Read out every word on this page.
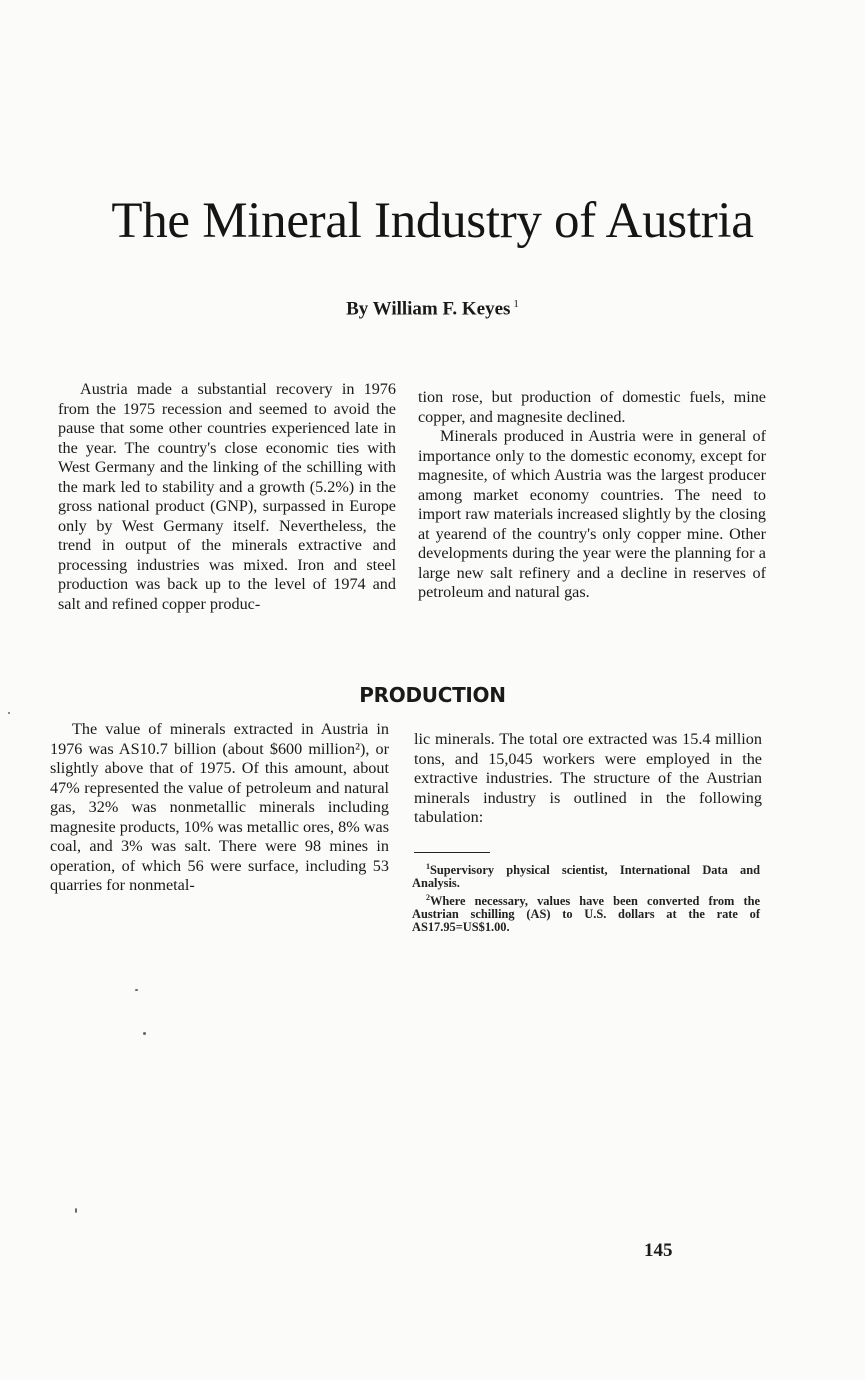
The Mineral Industry of Austria
By William F. Keyes $^1$

Austria made a substantial recovery in 1976 from the 1975 recession and seemed to avoid the pause that some other countries experienced late in the year. The country's close economic ties with West Germany and the linking of the schilling with the mark led to stability and a growth (5.2%) in the gross national product (GNP), surpassed in Europe only by West Germany itself. Nevertheless, the trend in output of the minerals extractive and processing industries was mixed. Iron and steel production was back up to the level of 1974 and salt and refined copper produc-

tion rose, but production of domestic fuels, mine copper, and magnesite declined.

Minerals produced in Austria were in general of importance only to the domestic economy, except for magnesite, of which Austria was the largest producer among market economy countries. The need to import raw materials increased slightly by the closing at yearend of the country's only copper mine. Other developments during the year were the planning for a large new salt refinery and a decline in reserves of petroleum and natural gas.

PRODUCTION

The value of minerals extracted in Austria in 1976 was AS10.7 billion (about $600 million²), or slightly above that of 1975. Of this amount, about 47% represented the value of petroleum and natural gas, 32% was nonmetallic minerals including magnesite products, 10% was metallic ores, 8% was coal, and 3% was salt. There were 98 mines in operation, of which 56 were surface, including 53 quarries for nonmetal-

lic minerals. The total ore extracted was 15.4 million tons, and 15,045 workers were employed in the extractive industries. The structure of the Austrian minerals industry is outlined in the following tabulation:

$^1$Supervisory physical scientist, International Data and Analysis.

$^2$Where necessary, values have been converted from the Austrian schilling (AS) to U.S. dollars at the rate of AS17.95=US$1.00.

145
